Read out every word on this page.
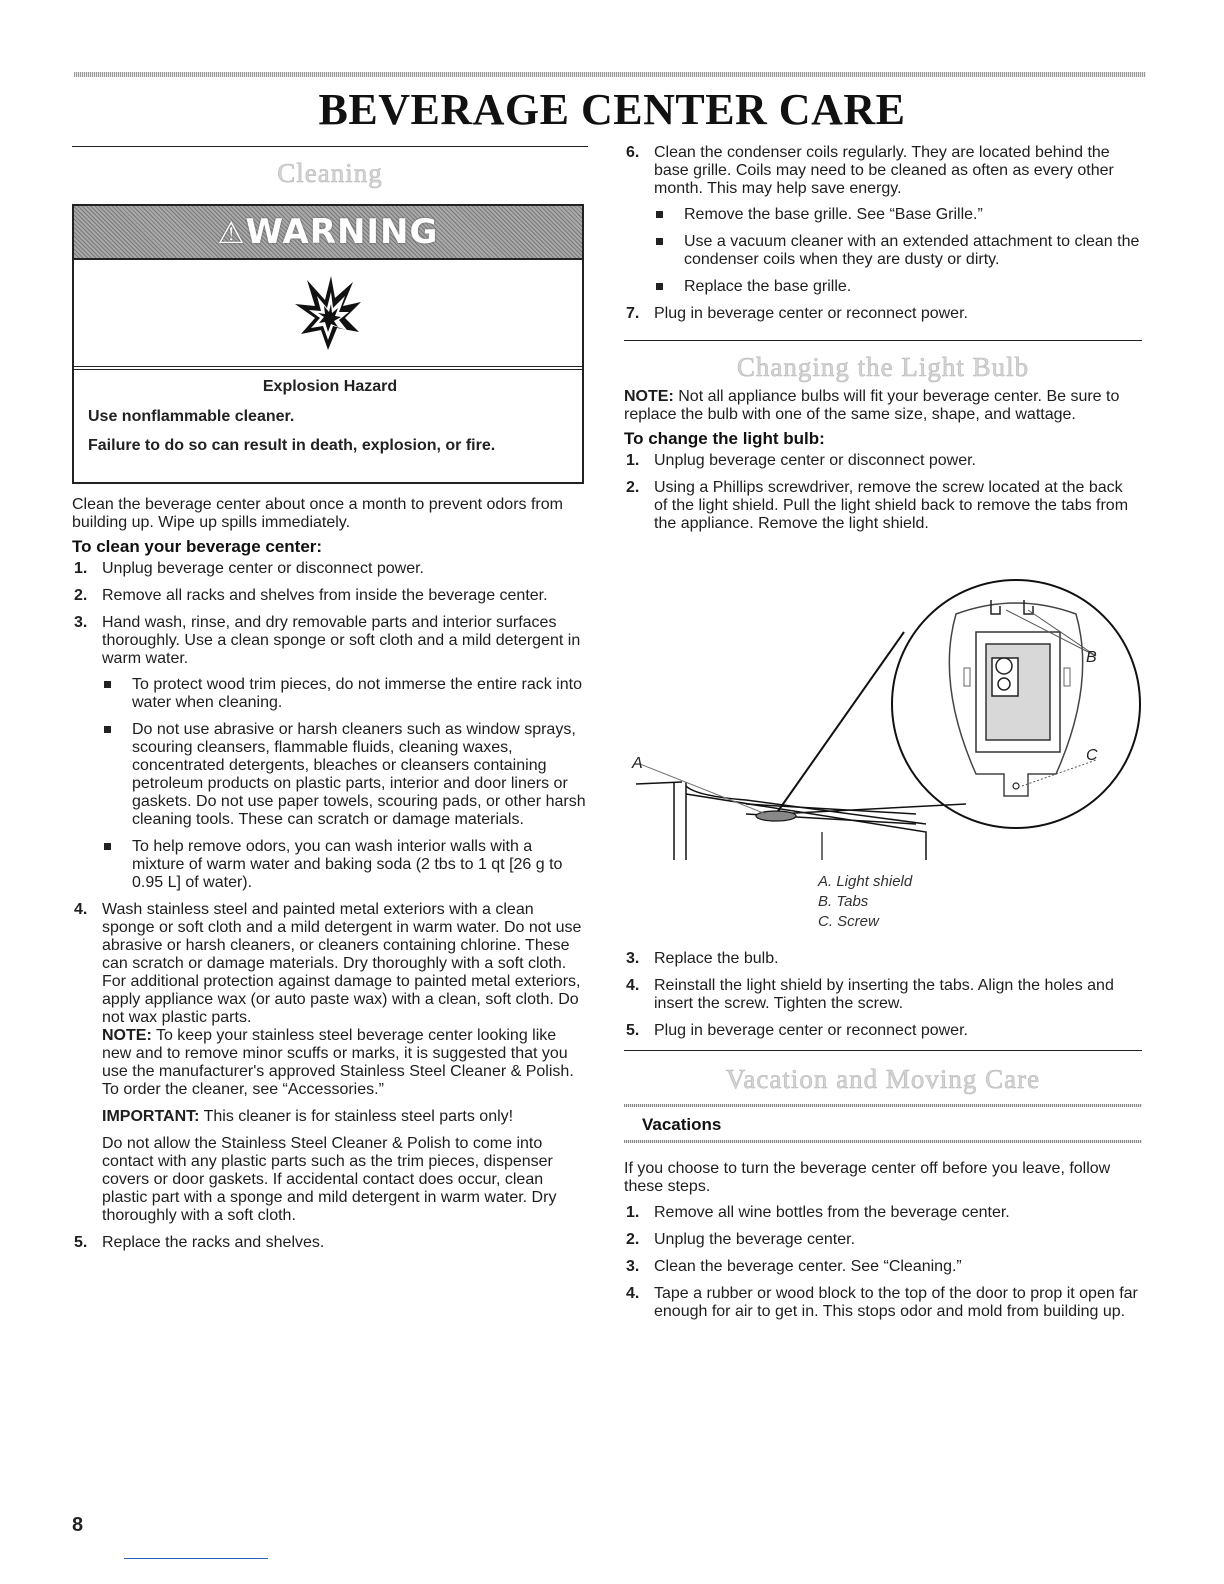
BEVERAGE CENTER CARE
Cleaning
⚠WARNING
Explosion Hazard

Use nonflammable cleaner.

Failure to do so can result in death, explosion, or fire.

Clean the beverage center about once a month to prevent odors from building up. Wipe up spills immediately.

To clean your beverage center:

1. Unplug beverage center or disconnect power.
2. Remove all racks and shelves from inside the beverage center.
3. Hand wash, rinse, and dry removable parts and interior surfaces thoroughly. Use a clean sponge or soft cloth and a mild detergent in warm water.
To protect wood trim pieces, do not immerse the entire rack into water when cleaning.
Do not use abrasive or harsh cleaners such as window sprays, scouring cleansers, flammable fluids, cleaning waxes, concentrated detergents, bleaches or cleansers containing petroleum products on plastic parts, interior and door liners or gaskets. Do not use paper towels, scouring pads, or other harsh cleaning tools. These can scratch or damage materials.
To help remove odors, you can wash interior walls with a mixture of warm water and baking soda (2 tbs to 1 qt [26 g to 0.95 L] of water).
4. Wash stainless steel and painted metal exteriors with a clean sponge or soft cloth and a mild detergent in warm water. Do not use abrasive or harsh cleaners, or cleaners containing chlorine. These can scratch or damage materials. Dry thoroughly with a soft cloth. For additional protection against damage to painted metal exteriors, apply appliance wax (or auto paste wax) with a clean, soft cloth. Do not wax plastic parts.

NOTE: To keep your stainless steel beverage center looking like new and to remove minor scuffs or marks, it is suggested that you use the manufacturer's approved Stainless Steel Cleaner & Polish. To order the cleaner, see “Accessories.”

IMPORTANT: This cleaner is for stainless steel parts only!

Do not allow the Stainless Steel Cleaner & Polish to come into contact with any plastic parts such as the trim pieces, dispenser covers or door gaskets. If accidental contact does occur, clean plastic part with a sponge and mild detergent in warm water. Dry thoroughly with a soft cloth.

5. Replace the racks and shelves.
6. Clean the condenser coils regularly. They are located behind the base grille. Coils may need to be cleaned as often as every other month. This may help save energy.
Remove the base grille. See “Base Grille.”
Use a vacuum cleaner with an extended attachment to clean the condenser coils when they are dusty or dirty.
Replace the base grille.
7. Plug in beverage center or reconnect power.
Changing the Light Bulb

NOTE: Not all appliance bulbs will fit your beverage center. Be sure to replace the bulb with one of the same size, shape, and wattage.

To change the light bulb:

1. Unplug beverage center or disconnect power.
2. Using a Phillips screwdriver, remove the screw located at the back of the light shield. Pull the light shield back to remove the tabs from the appliance. Remove the light shield.
B
C
A
A. Light shield
B. Tabs
C. Screw
3. Replace the bulb.
4. Reinstall the light shield by inserting the tabs. Align the holes and insert the screw. Tighten the screw.
5. Plug in beverage center or reconnect power.
Vacation and Moving Care
Vacations

If you choose to turn the beverage center off before you leave, follow these steps.

1. Remove all wine bottles from the beverage center.
2. Unplug the beverage center.
3. Clean the beverage center. See “Cleaning.”
4. Tape a rubber or wood block to the top of the door to prop it open far enough for air to get in. This stops odor and mold from building up.
8
